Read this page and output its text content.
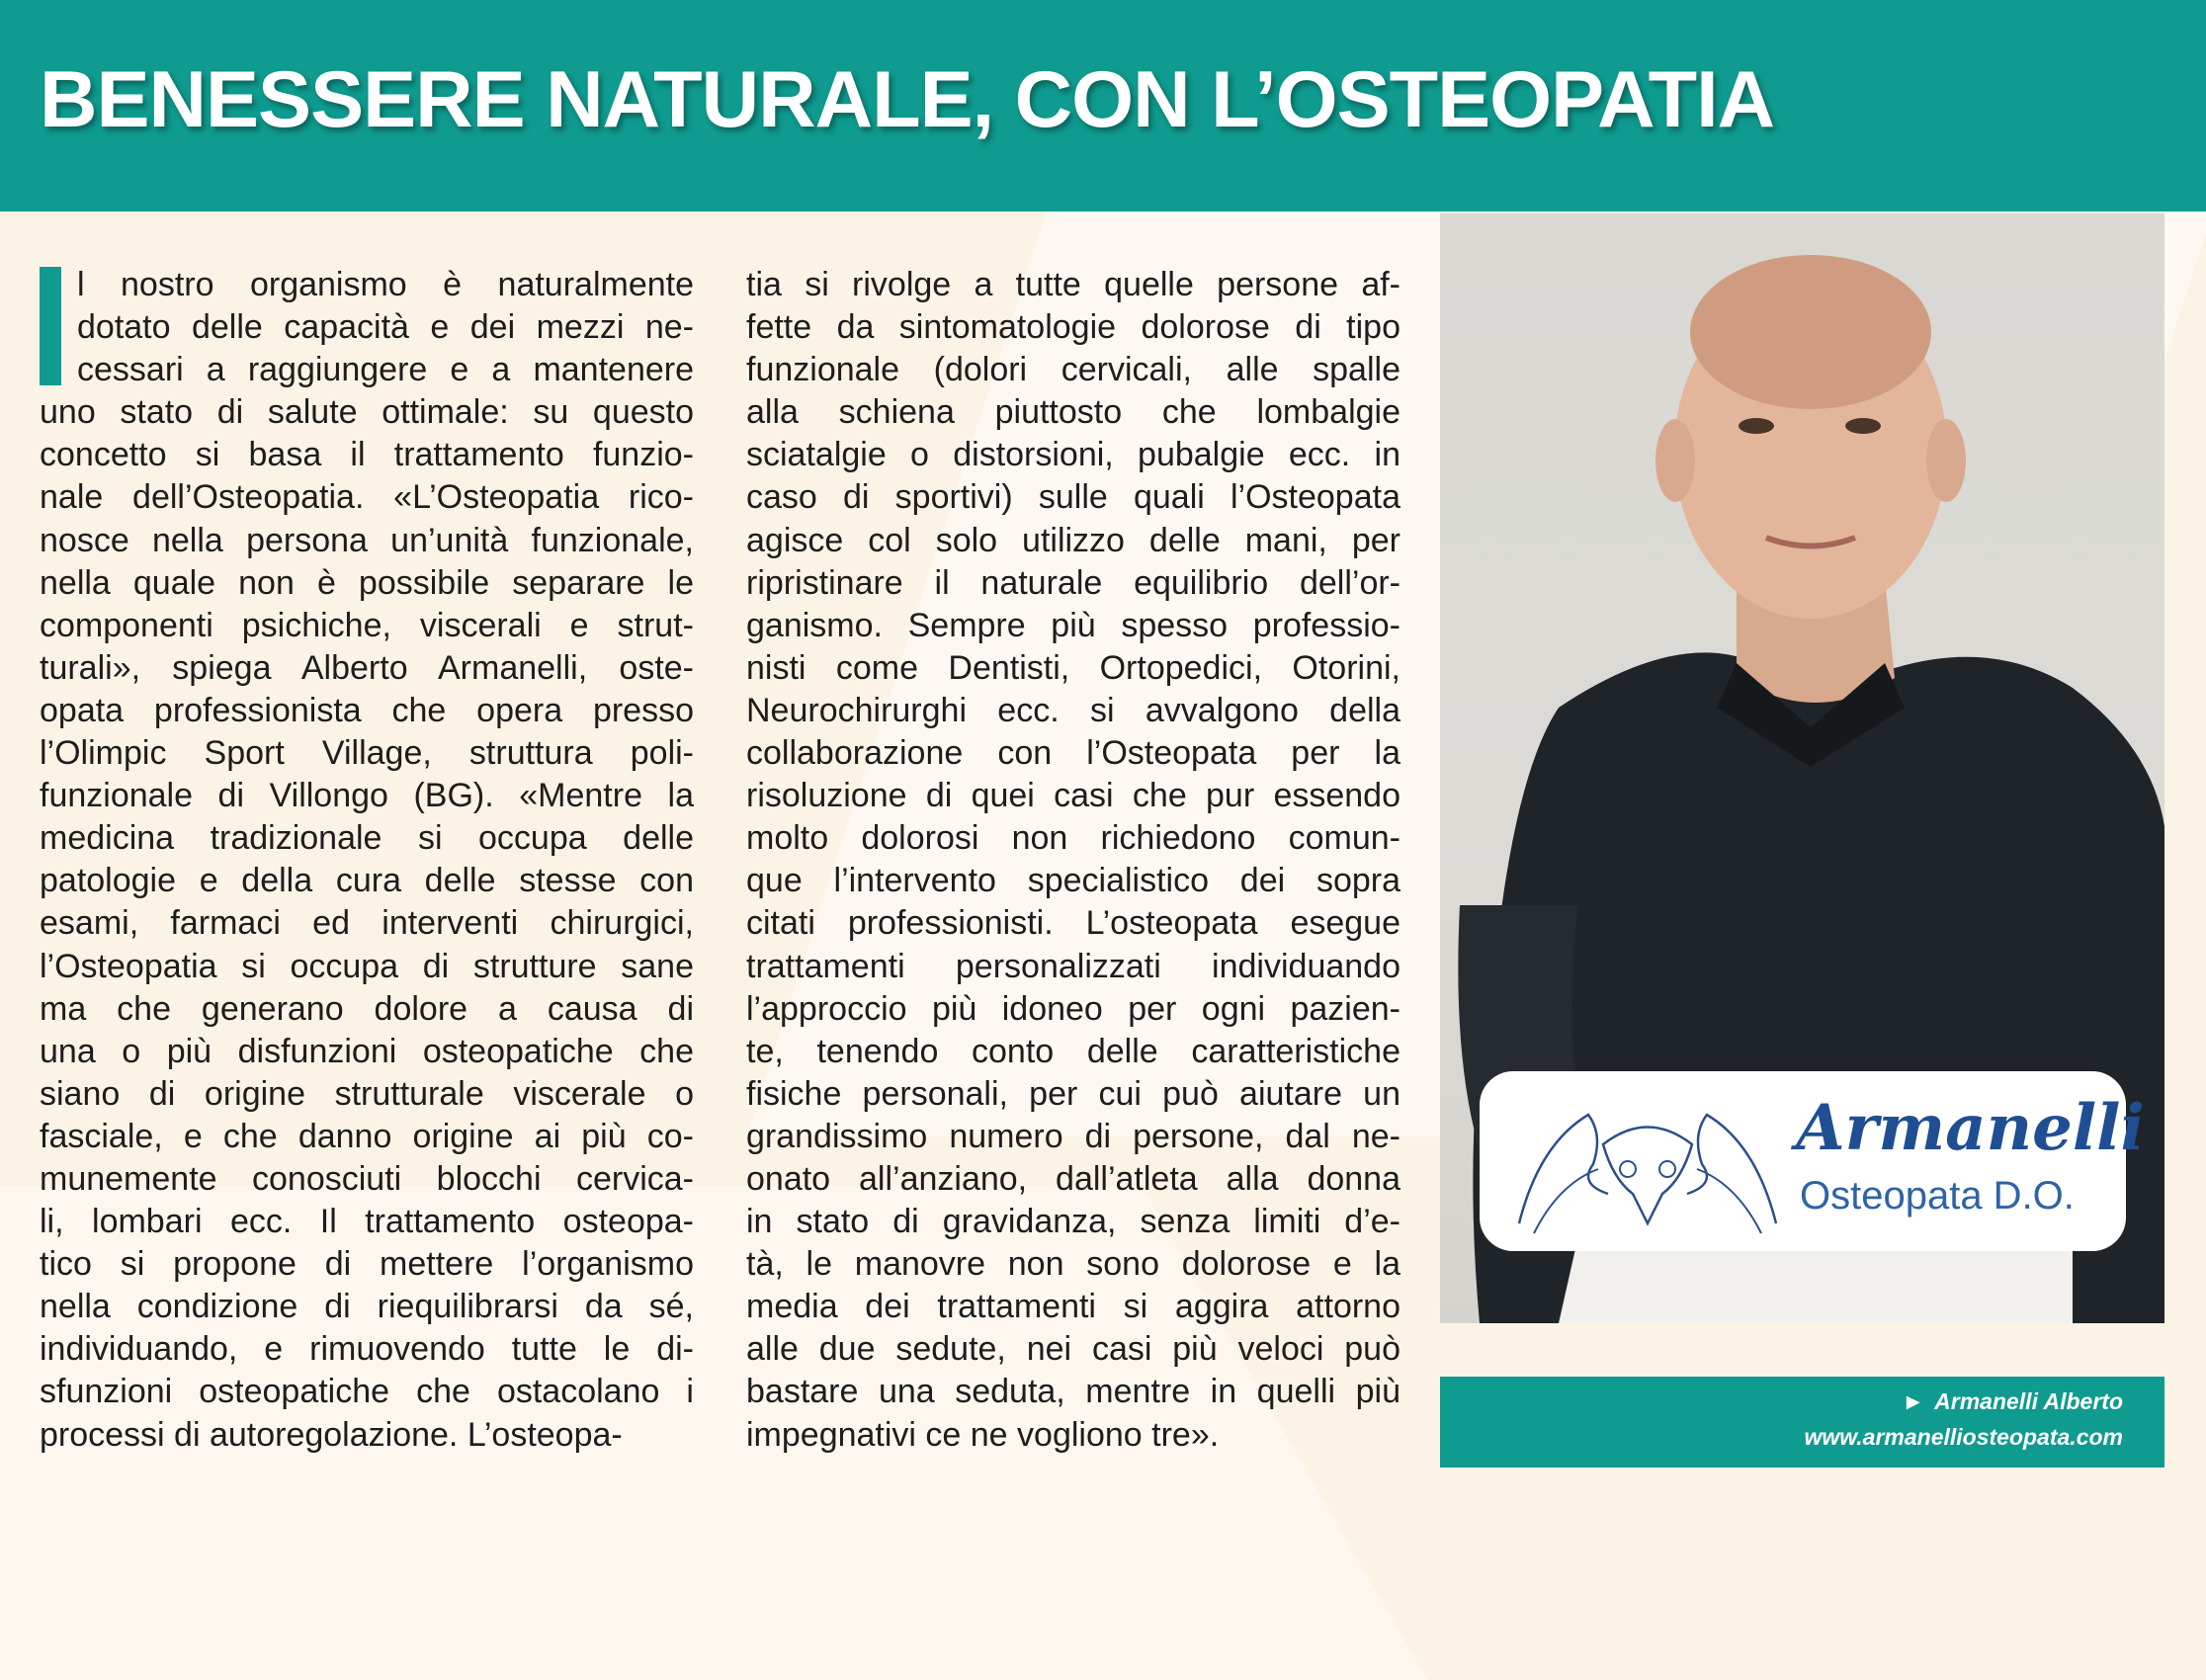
BENESSERE NATURALE, CON L’OSTEOPATIA
l nostro organismo è naturalmente
dotato delle capacità e dei mezzi ne-
cessari a raggiungere e a mantenere
uno stato di salute ottimale: su questo
concetto si basa il trattamento funzio-
nale dell’Osteopatia. «L’Osteopatia rico-
nosce nella persona un’unità funzionale,
nella quale non è possibile separare le
componenti psichiche, viscerali e strut-
turali», spiega Alberto Armanelli, oste-
opata professionista che opera presso
l’Olimpic Sport Village, struttura poli-
funzionale di Villongo (BG). «Mentre la
medicina tradizionale si occupa delle
patologie e della cura delle stesse con
esami, farmaci ed interventi chirurgici,
l’Osteopatia si occupa di strutture sane
ma che generano dolore a causa di
una o più disfunzioni osteopatiche che
siano di origine strutturale viscerale o
fasciale, e che danno origine ai più co-
munemente conosciuti blocchi cervica-
li, lombari ecc. Il trattamento osteopa-
tico si propone di mettere l’organismo
nella condizione di riequilibrarsi da sé,
individuando, e rimuovendo tutte le di-
sfunzioni osteopatiche che ostacolano i
processi di autoregolazione. L’osteopa-
tia si rivolge a tutte quelle persone af-
fette da sintomatologie dolorose di tipo
funzionale (dolori cervicali, alle spalle
alla schiena piuttosto che lombalgie
sciatalgie o distorsioni, pubalgie ecc. in
caso di sportivi) sulle quali l’Osteopata
agisce col solo utilizzo delle mani, per
ripristinare il naturale equilibrio dell’or-
ganismo. Sempre più spesso professio-
nisti come Dentisti, Ortopedici, Otorini,
Neurochirurghi ecc. si avvalgono della
collaborazione con l’Osteopata per la
risoluzione di quei casi che pur essendo
molto dolorosi non richiedono comun-
que l’intervento specialistico dei sopra
citati professionisti. L’osteopata esegue
trattamenti personalizzati individuando
l’approccio più idoneo per ogni pazien-
te, tenendo conto delle caratteristiche
fisiche personali, per cui può aiutare un
grandissimo numero di persone, dal ne-
onato all’anziano, dall’atleta alla donna
in stato di gravidanza, senza limiti d’e-
tà, le manovre non sono dolorose e la
media dei trattamenti si aggira attorno
alle due sedute, nei casi più veloci può
bastare una seduta, mentre in quelli più
impegnativi ce ne vogliono tre».
Armanelli
Osteopata D.O.
► Armanelli Alberto
www.armanelliosteopata.com
